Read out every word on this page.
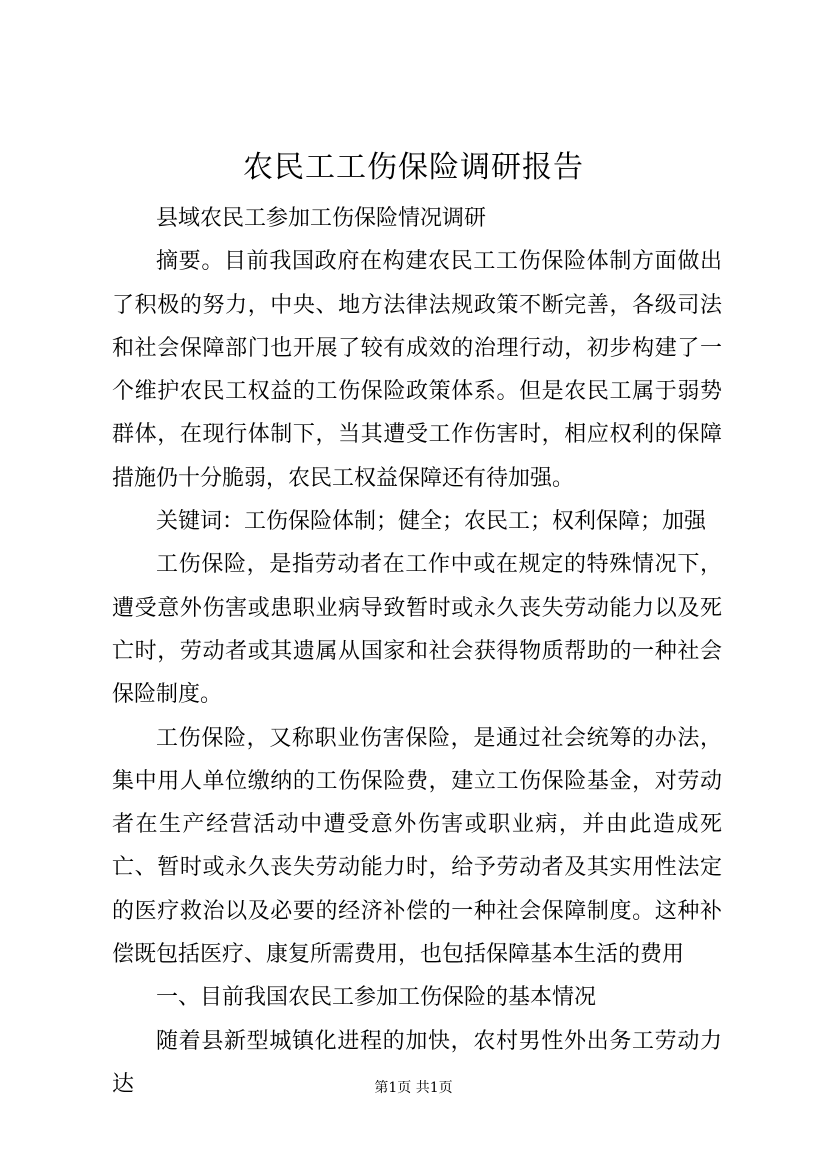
农民工工伤保险调研报告

县域农民工参加工伤保险情况调研

摘要。目前我国政府在构建农民工工伤保险体制方面做出了积极的努力，中央、地方法律法规政策不断完善，各级司法和社会保障部门也开展了较有成效的治理行动，初步构建了一个维护农民工权益的工伤保险政策体系。但是农民工属于弱势群体，在现行体制下，当其遭受工作伤害时，相应权利的保障措施仍十分脆弱，农民工权益保障还有待加强。

关键词：工伤保险体制；健全；农民工；权利保障；加强

工伤保险，是指劳动者在工作中或在规定的特殊情况下，遭受意外伤害或患职业病导致暂时或永久丧失劳动能力以及死亡时，劳动者或其遗属从国家和社会获得物质帮助的一种社会保险制度。

工伤保险，又称职业伤害保险，是通过社会统筹的办法，集中用人单位缴纳的工伤保险费，建立工伤保险基金，对劳动者在生产经营活动中遭受意外伤害或职业病，并由此造成死亡、暂时或永久丧失劳动能力时，给予劳动者及其实用性法定的医疗救治以及必要的经济补偿的一种社会保障制度。这种补偿既包括医疗、康复所需费用，也包括保障基本生活的费用

一、目前我国农民工参加工伤保险的基本情况

随着县新型城镇化进程的加快，农村男性外出务工劳动力达	第1页 共1页
